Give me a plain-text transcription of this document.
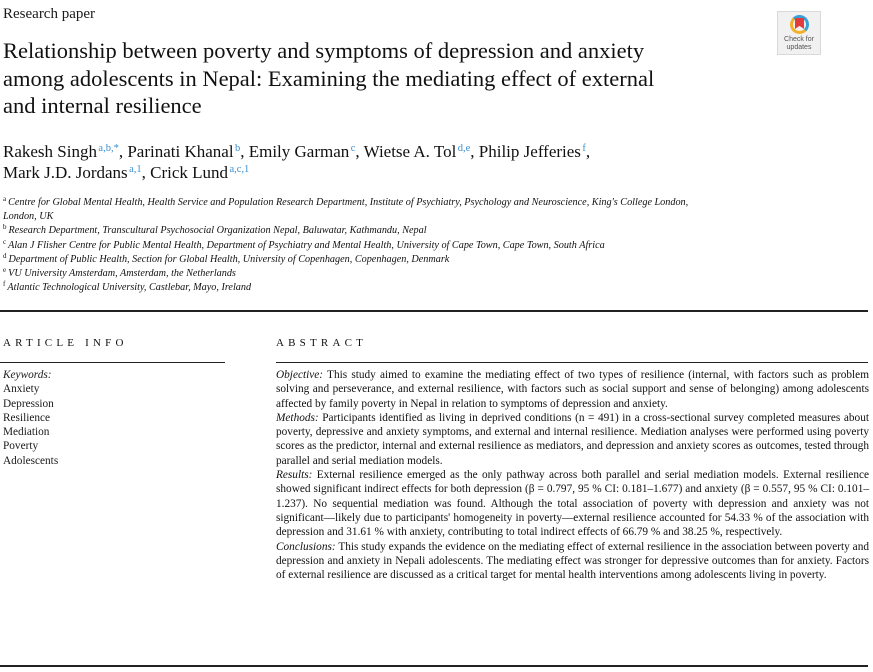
Research paper
Relationship between poverty and symptoms of depression and anxiety
among adolescents in Nepal: Examining the mediating effect of external
and internal resilience
Check for
updates
Rakesh Singh $^{a,b,*}$, Parinati Khanal $^b$, Emily Garman $^c$, Wietse A. Tol $^{d,e}$, Philip Jefferies $^f$,
Mark J.D. Jordans $^{a,1}$, Crick Lund $^{a,c,1}$
$^a$ Centre for Global Mental Health, Health Service and Population Research Department, Institute of Psychiatry, Psychology and Neuroscience, King's College London,
London, UK
$^b$ Research Department, Transcultural Psychosocial Organization Nepal, Baluwatar, Kathmandu, Nepal
$^c$ Alan J Flisher Centre for Public Mental Health, Department of Psychiatry and Mental Health, University of Cape Town, Cape Town, South Africa
$^d$ Department of Public Health, Section for Global Health, University of Copenhagen, Copenhagen, Denmark
$^e$ VU University Amsterdam, Amsterdam, the Netherlands
$^f$ Atlantic Technological University, Castlebar, Mayo, Ireland
ARTICLE INFO	ABSTRACT
Keywords:
Anxiety
Depression
Resilience
Mediation
Poverty
Adolescents

Objective: This study aimed to examine the mediating effect of two types of resilience (internal, with factors such as problem solving and perseverance, and external resilience, with factors such as social support and sense of belonging) among adolescents affected by family poverty in Nepal in relation to symptoms of depression and anxiety.

Methods: Participants identified as living in deprived conditions (n = 491) in a cross-sectional survey completed measures about poverty, depressive and anxiety symptoms, and external and internal resilience. Mediation analyses were performed using poverty scores as the predictor, internal and external resilience as mediators, and depression and anxiety scores as outcomes, tested through parallel and serial mediation models.

Results: External resilience emerged as the only pathway across both parallel and serial mediation models. External resilience showed significant indirect effects for both depression (β = 0.797, 95 % CI: 0.181–1.677) and anxiety (β = 0.557, 95 % CI: 0.101–1.237). No sequential mediation was found. Although the total association of poverty with depression and anxiety was not significant—likely due to participants' homogeneity in poverty—external resilience accounted for 54.33 % of the association with depression and 31.61 % with anxiety, contributing to total indirect effects of 66.79 % and 38.25 %, respectively.

Conclusions: This study expands the evidence on the mediating effect of external resilience in the association between poverty and depression and anxiety in Nepali adolescents. The mediating effect was stronger for depressive outcomes than for anxiety. Factors of external resilience are discussed as a critical target for mental health interventions among adolescents living in poverty.
